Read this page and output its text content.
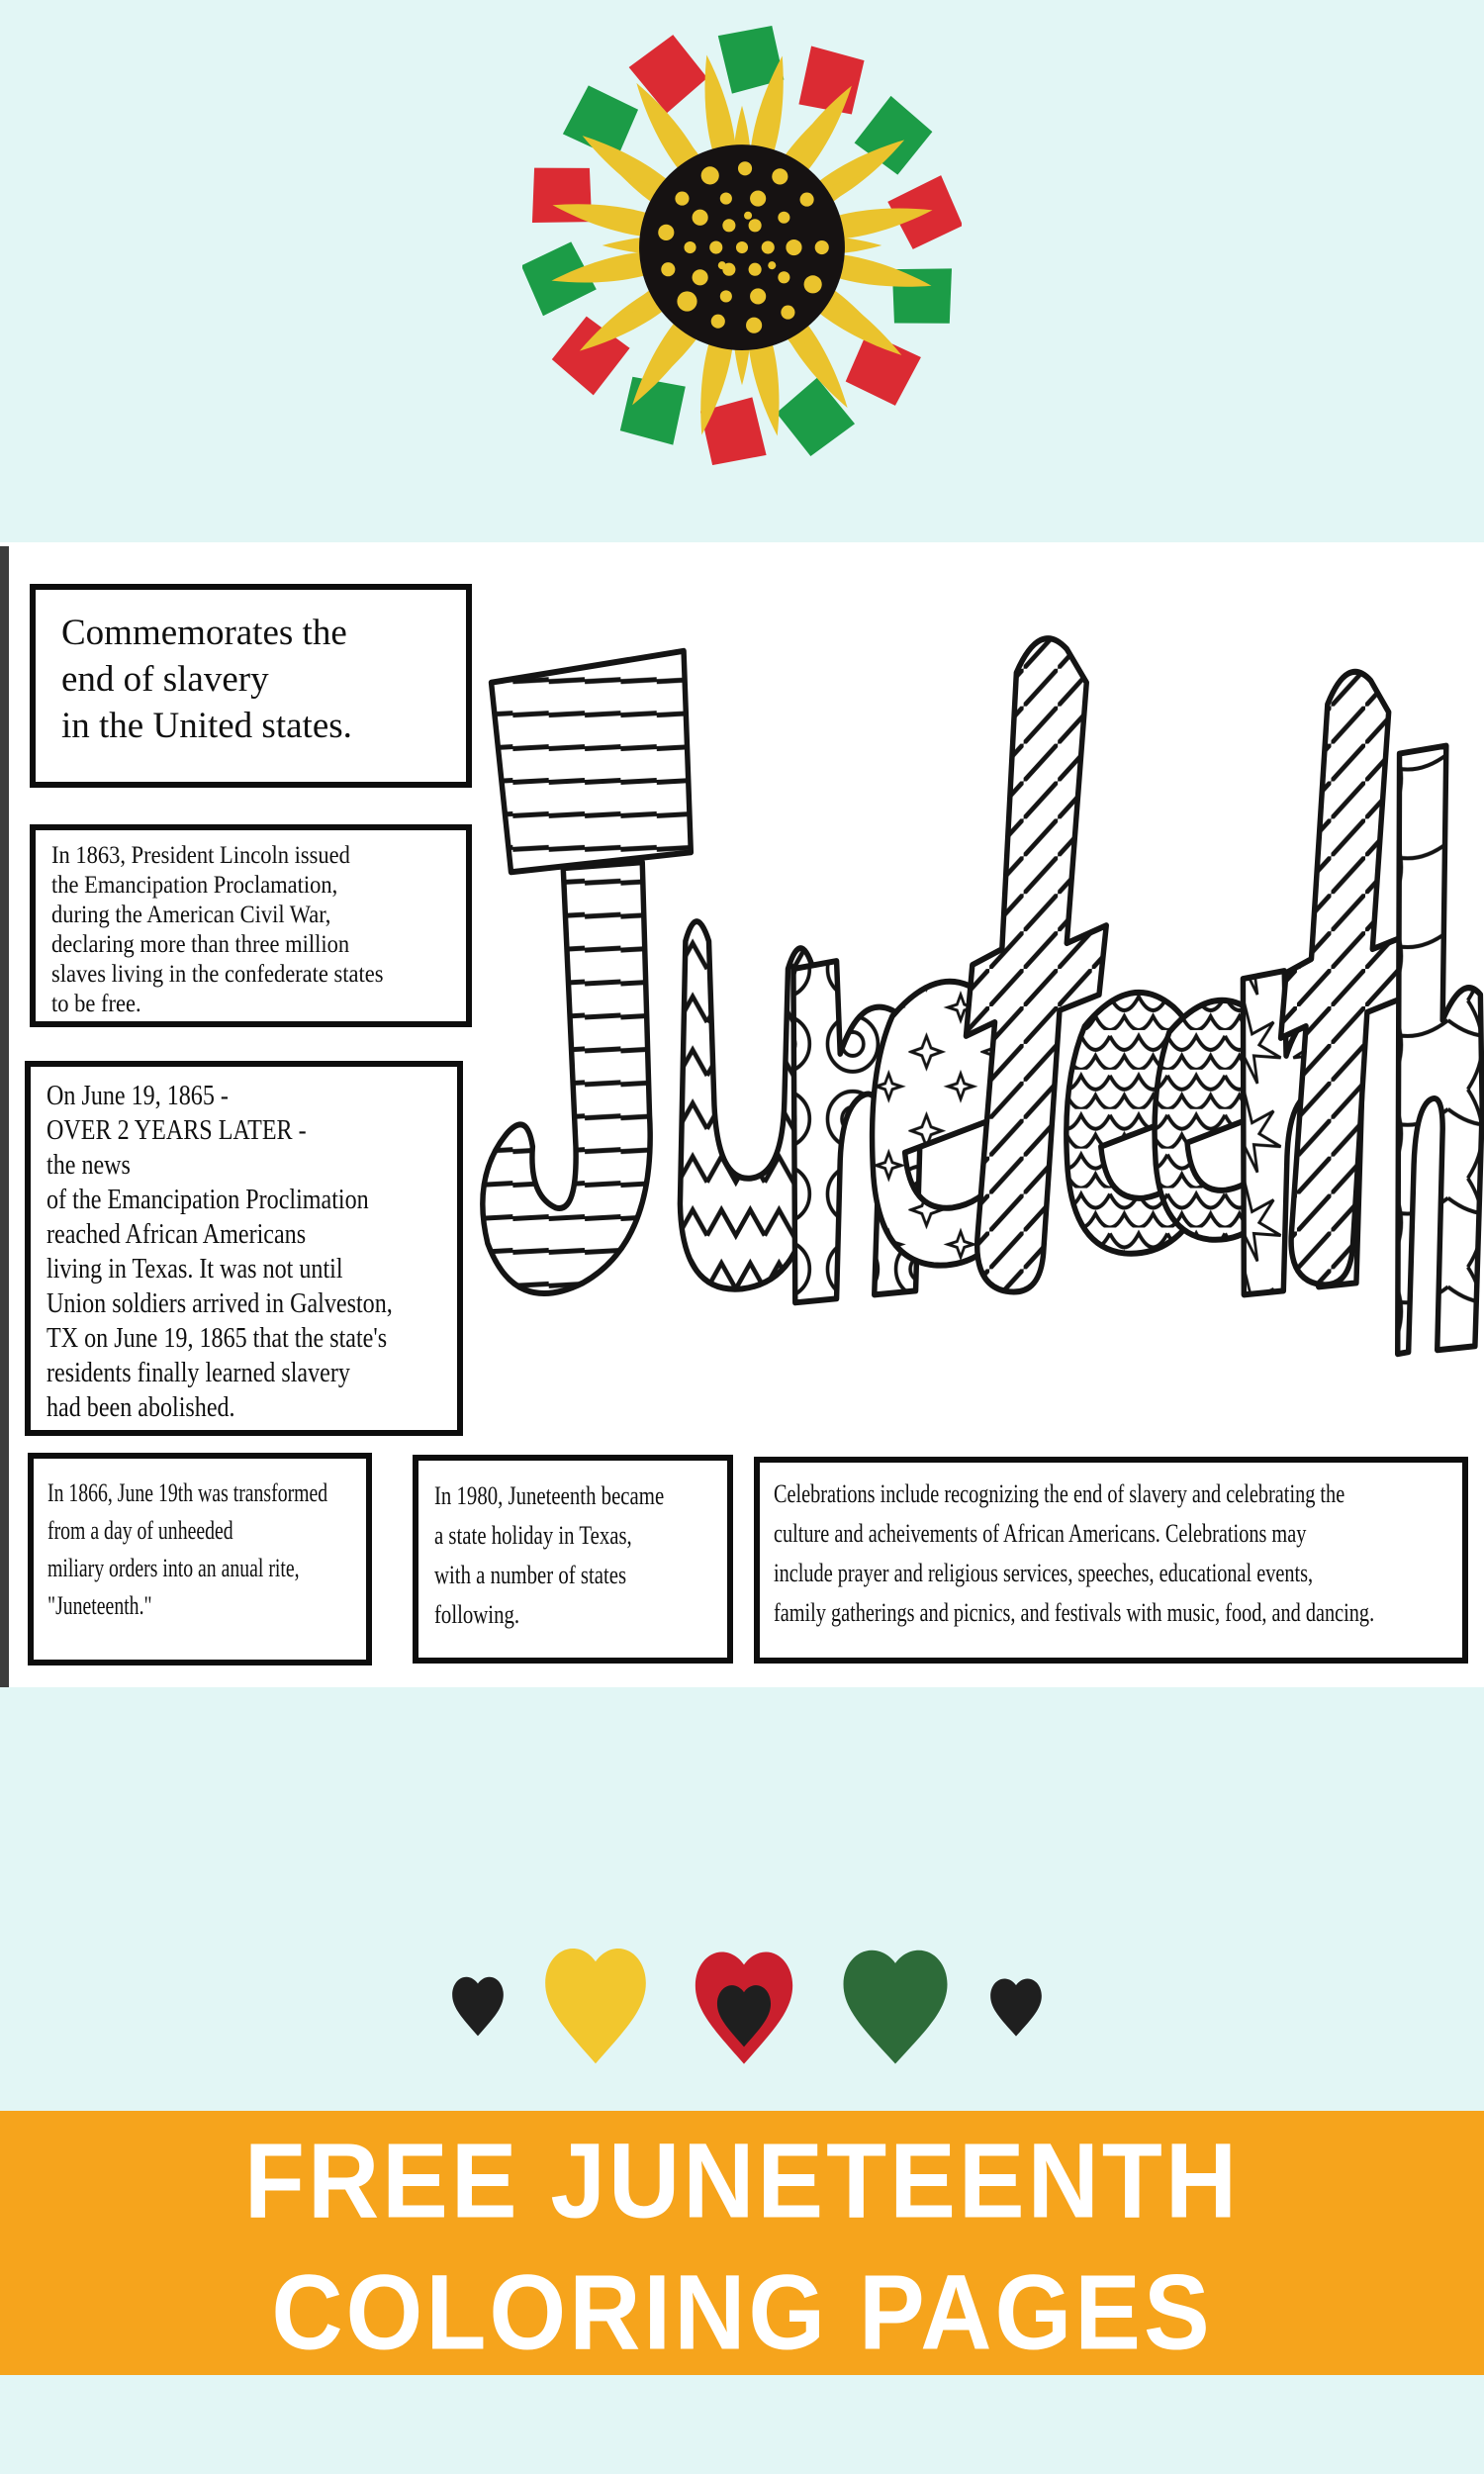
Commemorates the
end of slavery
in the United states.
In 1863, President Lincoln issued
the Emancipation Proclamation,
during the American Civil War,
declaring more than three million
slaves living in the confederate states
to be free.
On June 19, 1865 -
OVER 2 YEARS LATER -
the news
of the Emancipation Proclimation
reached African Americans
living in Texas. It was not until
Union soldiers arrived in Galveston,
TX on June 19, 1865 that the state's
residents finally learned slavery
had been abolished.
In 1866, June 19th was transformed
from a day of unheeded
miliary orders into an anual rite,
"Juneteenth."
In 1980, Juneteenth became
a state holiday in Texas,
with a number of states
following.
Celebrations include recognizing the end of slavery and celebrating the
culture and acheivements of African Americans. Celebrations may
include prayer and religious services, speeches, educational events,
family gatherings and picnics, and festivals with music, food, and dancing.
FREE JUNETEENTH
COLORING PAGES
